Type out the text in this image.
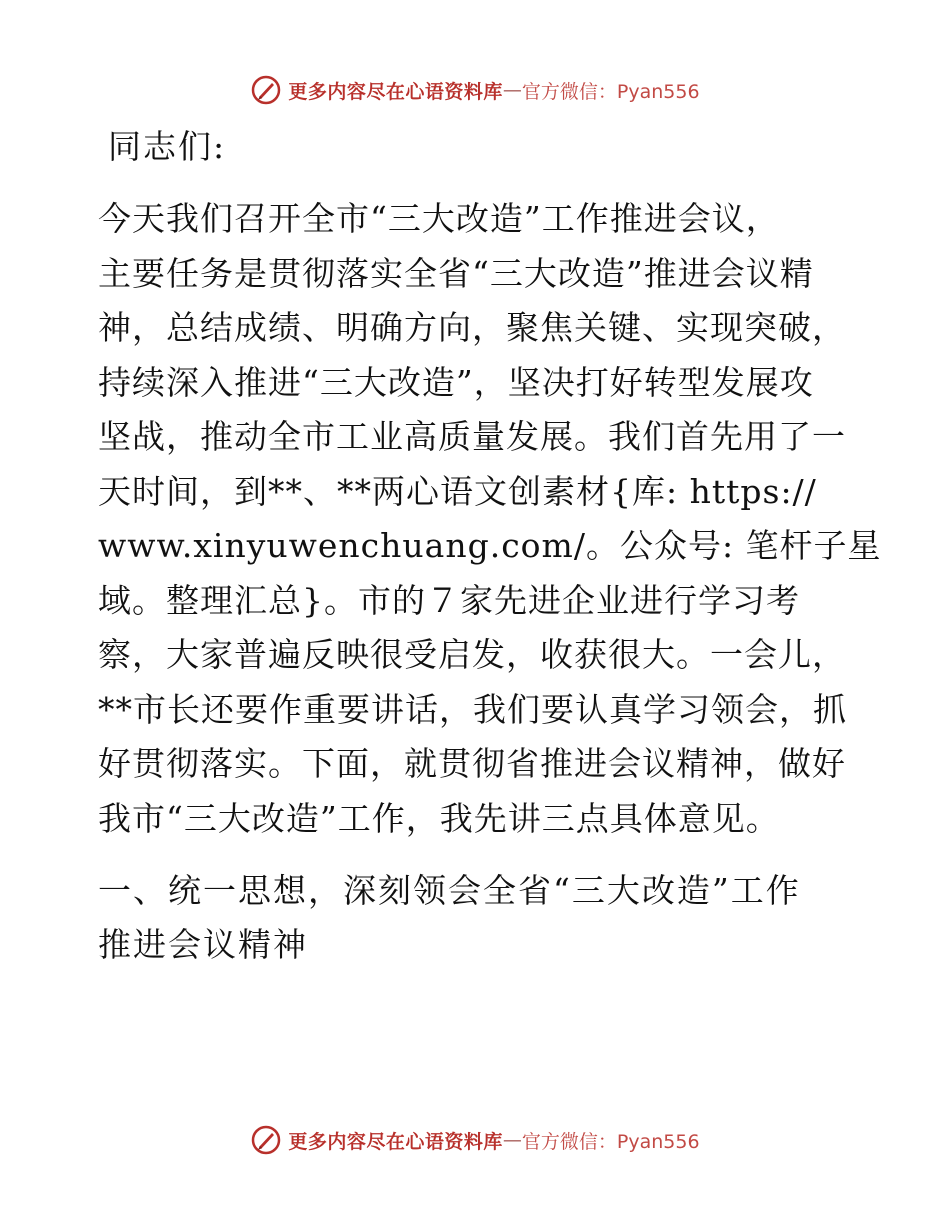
更多内容尽在心语资料库 — 官方微信：Pyan556

同志们:

今天我们召开全市“三大改造”工作推进会议，
主要任务是贯彻落实全省“三大改造”推进会议精
神，总结成绩、明确方向，聚焦关键、实现突破，
持续深入推进“三大改造”，坚决打好转型发展攻
坚战，推动全市工业高质量发展。我们首先用了一
天时间，到**、**两心语文创素材{库: https://
www.xinyuwenchuang.com/。公众号: 笔杆子星
域。整理汇总}。市的７家先进企业进行学习考
察，大家普遍反映很受启发，收获很大。一会儿，
**市长还要作重要讲话，我们要认真学习领会，抓
好贯彻落实。下面，就贯彻省推进会议精神，做好
我市“三大改造”工作，我先讲三点具体意见。

一、统一思想，深刻领会全省“三大改造”工作
推进会议精神

更多内容尽在心语资料库 — 官方微信：Pyan556
